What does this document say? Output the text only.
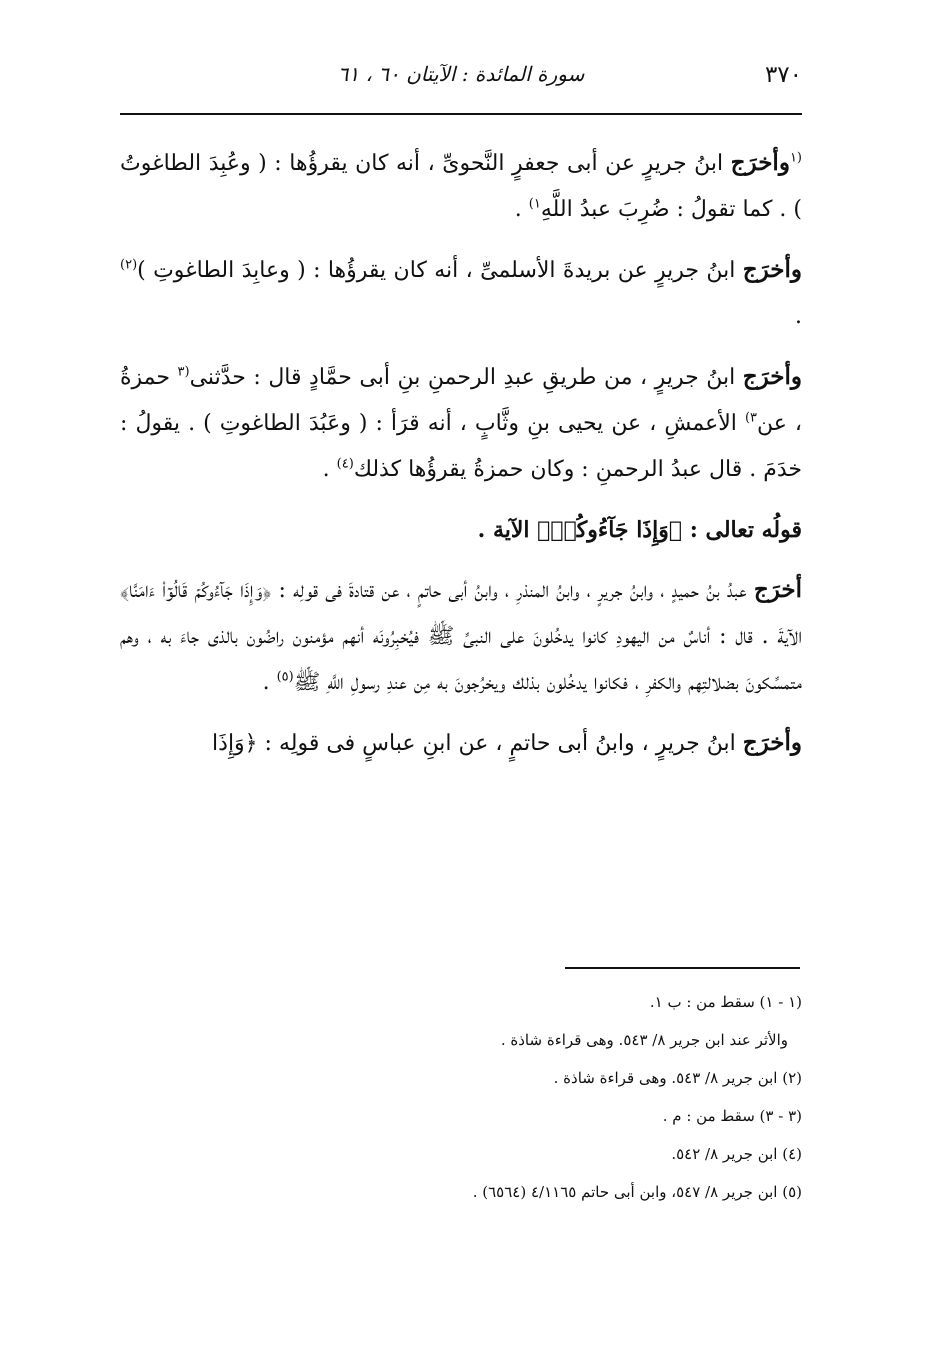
٣٧٠
سورة المائدة : الآيتان ٦٠ ، ٦١

$^{(١}$وأخرَج ابنُ جريرٍ عن أبى جعفرٍ النَّحوىِّ ، أنه كان يقرؤُها : ( وعُبِدَ الطاغوتُ ) . كما تقولُ : ضُرِبَ عبدُ اللَّهِ$^{١)}$ .

وأخرَج ابنُ جريرٍ عن بريدةَ الأسلمىِّ ، أنه كان يقرؤُها : ( وعابِدَ الطاغوتِ )$^{(٢)}$ .

وأخرَج ابنُ جريرٍ ، من طريقِ عبدِ الرحمنِ بنِ أبى حمَّادٍ قال : حدَّثنى$^{(٣}$ حمزةُ ، عن$^{٣)}$ الأعمشِ ، عن يحيى بنِ وثَّابٍ ، أنه قرَأ : ( وعَبُدَ الطاغوتِ ) . يقولُ : خدَمَ . قال عبدُ الرحمنِ : وكان حمزةُ يقرؤُها كذلك$^{(٤)}$ .

قولُه تعالى : ﴿وَإِذَا جَآءُوكُمۡ﴾ الآية .

أخرَج عبدُ بنُ حميدٍ ، وابنُ جريرٍ ، وابنُ المنذرِ ، وابنُ أبى حاتمٍ ، عن قتادةَ فى قولِه : ﴿وَإِذَا جَآءُوكُمۡ قَالُوٓاْ ءَامَنَّا﴾ الآيةَ . قال : أناسٌ من اليهودِ كانوا يدخُلونَ على النبىِّ ﷺ فيُخبِرُونَه أنهم مؤمنون راضُون بالذى جاءَ به ، وهم متمسِّكونَ بضلالتِهم والكفرِ ، فكانوا يدخُلون بذلك ويخرُجونَ به مِن عندِ رسولِ اللَّهِ ﷺ$^{(٥)}$ .

وأخرَج ابنُ جريرٍ ، وابنُ أبى حاتمٍ ، عن ابنِ عباسٍ فى قولِه : ﴿وَإِذَا

(١ - ١) سقط من : ب ١.

والأثر عند ابن جرير ٨/ ٥٤٣. وهى قراءة شاذة .

(٢) ابن جرير ٨/ ٥٤٣. وهى قراءة شاذة .

(٣ - ٣) سقط من : م .

(٤) ابن جرير ٨/ ٥٤٢.

(٥) ابن جرير ٨/ ٥٤٧، وابن أبى حاتم ٤/١١٦٥ (٦٥٦٤) .
